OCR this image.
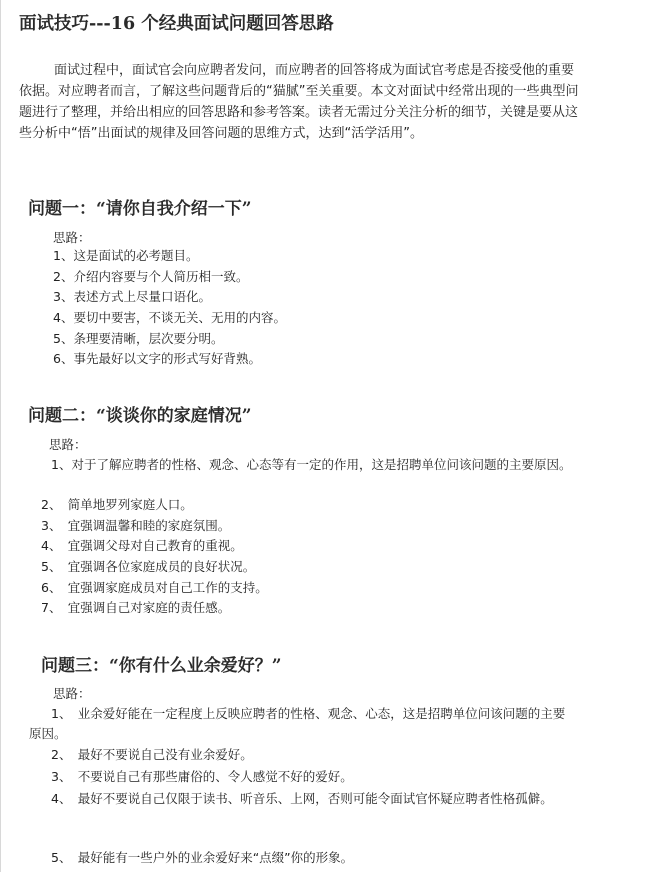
面试技巧---16 个经典面试问题回答思路

面试过程中，面试官会向应聘者发问，而应聘者的回答将成为面试官考虑是否接受他的重要依据。对应聘者而言，了解这些问题背后的“猫腻”至关重要。本文对面试中经常出现的一些典型问题进行了整理，并给出相应的回答思路和参考答案。读者无需过分关注分析的细节，关键是要从这些分析中“悟”出面试的规律及回答问题的思维方式，达到“活学活用”。

问题一：“请你自我介绍一下”
思路：
1、这是面试的必考题目。
2、介绍内容要与个人简历相一致。
3、表述方式上尽量口语化。
4、要切中要害，不谈无关、无用的内容。
5、条理要清晰，层次要分明。
6、事先最好以文字的形式写好背熟。
问题二：“谈谈你的家庭情况”
思路：

1、对于了解应聘者的性格、观念、心态等有一定的作用，这是招聘单位问该问题的主要原因。

2、　简单地罗列家庭人口。
3、　宜强调温馨和睦的家庭氛围。
4、　宜强调父母对自己教育的重视。
5、　宜强调各位家庭成员的良好状况。
6、　宜强调家庭成员对自己工作的支持。
7、　宜强调自己对家庭的责任感。
问题三：“你有什么业余爱好？”
思路：

1、　业余爱好能在一定程度上反映应聘者的性格、观念、心态，这是招聘单位问该问题的主要原因。

2、　最好不要说自己没有业余爱好。

3、　不要说自己有那些庸俗的、令人感觉不好的爱好。

4、　最好不要说自己仅限于读书、听音乐、上网，否则可能令面试官怀疑应聘者性格孤僻。

5、　最好能有一些户外的业余爱好来“点缀”你的形象。
